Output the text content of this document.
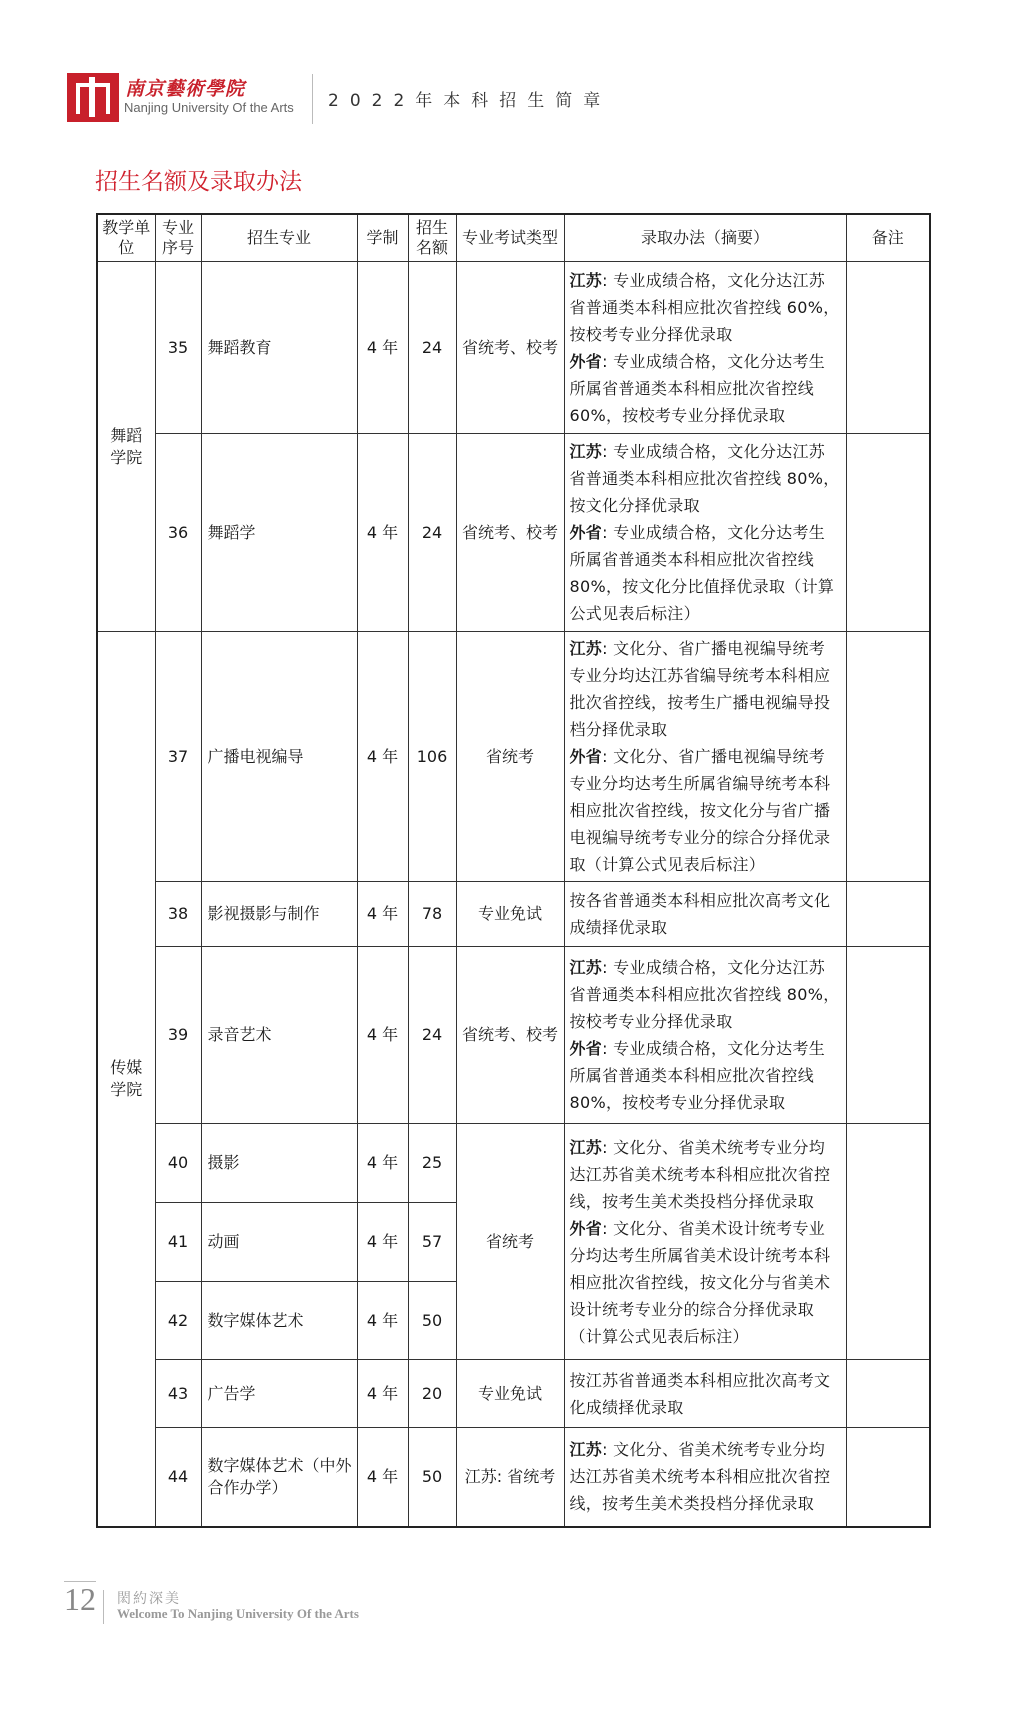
南京藝術學院
Nanjing University Of the Arts 2022年本科招生简章
招生名额及录取办法
教学单位	专业序号	招生专业	学制	招生名额	专业考试类型	录取办法（摘要）	备注
舞蹈学院	35	舞蹈教育	4 年	24	省统考、校考	江苏: 专业成绩合格，文化分达江苏省普通类本科相应批次省控线 60%，按校考专业分择优录取
外省: 专业成绩合格，文化分达考生所属省普通类本科相应批次省控线 60%，按校考专业分择优录取	

	36	舞蹈学	4 年	24	省统考、校考	江苏: 专业成绩合格，文化分达江苏省普通类本科相应批次省控线 80%，按文化分择优录取
外省: 专业成绩合格，文化分达考生所属省普通类本科相应批次省控线 80%，按文化分比值择优录取（计算公式见表后标注）	

传媒学院	37	广播电视编导	4 年	106	省统考	江苏: 文化分、省广播电视编导统考专业分均达江苏省编导统考本科相应批次省控线，按考生广播电视编导投档分择优录取
外省: 文化分、省广播电视编导统考专业分均达考生所属省编导统考本科相应批次省控线，按文化分与省广播电视编导统考专业分的综合分择优录取（计算公式见表后标注）	

	38	影视摄影与制作	4 年	78	专业免试	按各省普通类本科相应批次高考文化成绩择优录取	

	39	录音艺术	4 年	24	省统考、校考	江苏: 专业成绩合格，文化分达江苏省普通类本科相应批次省控线 80%，按校考专业分择优录取
外省: 专业成绩合格，文化分达考生所属省普通类本科相应批次省控线 80%，按校考专业分择优录取	

	40	摄影	4 年	25	省统考	江苏: 文化分、省美术统考专业分均达江苏省美术统考本科相应批次省控线，按考生美术类投档分择优录取
外省: 文化分、省美术设计统考专业分均达考生所属省美术设计统考本科相应批次省控线，按文化分与省美术设计统考专业分的综合分择优录取（计算公式见表后标注）	

	41	动画	4 年	57			
	42	数字媒体艺术	4 年	50			
	43	广告学	4 年	20	专业免试	按江苏省普通类本科相应批次高考文化成绩择优录取	

	44	数字媒体艺术（中外合作办学）	4 年	50	江苏: 省统考	江苏: 文化分、省美术统考专业分均达江苏省美术统考本科相应批次省控线，按考生美术类投档分择优录取	

12 閎約深美
Welcome To Nanjing University Of the Arts
